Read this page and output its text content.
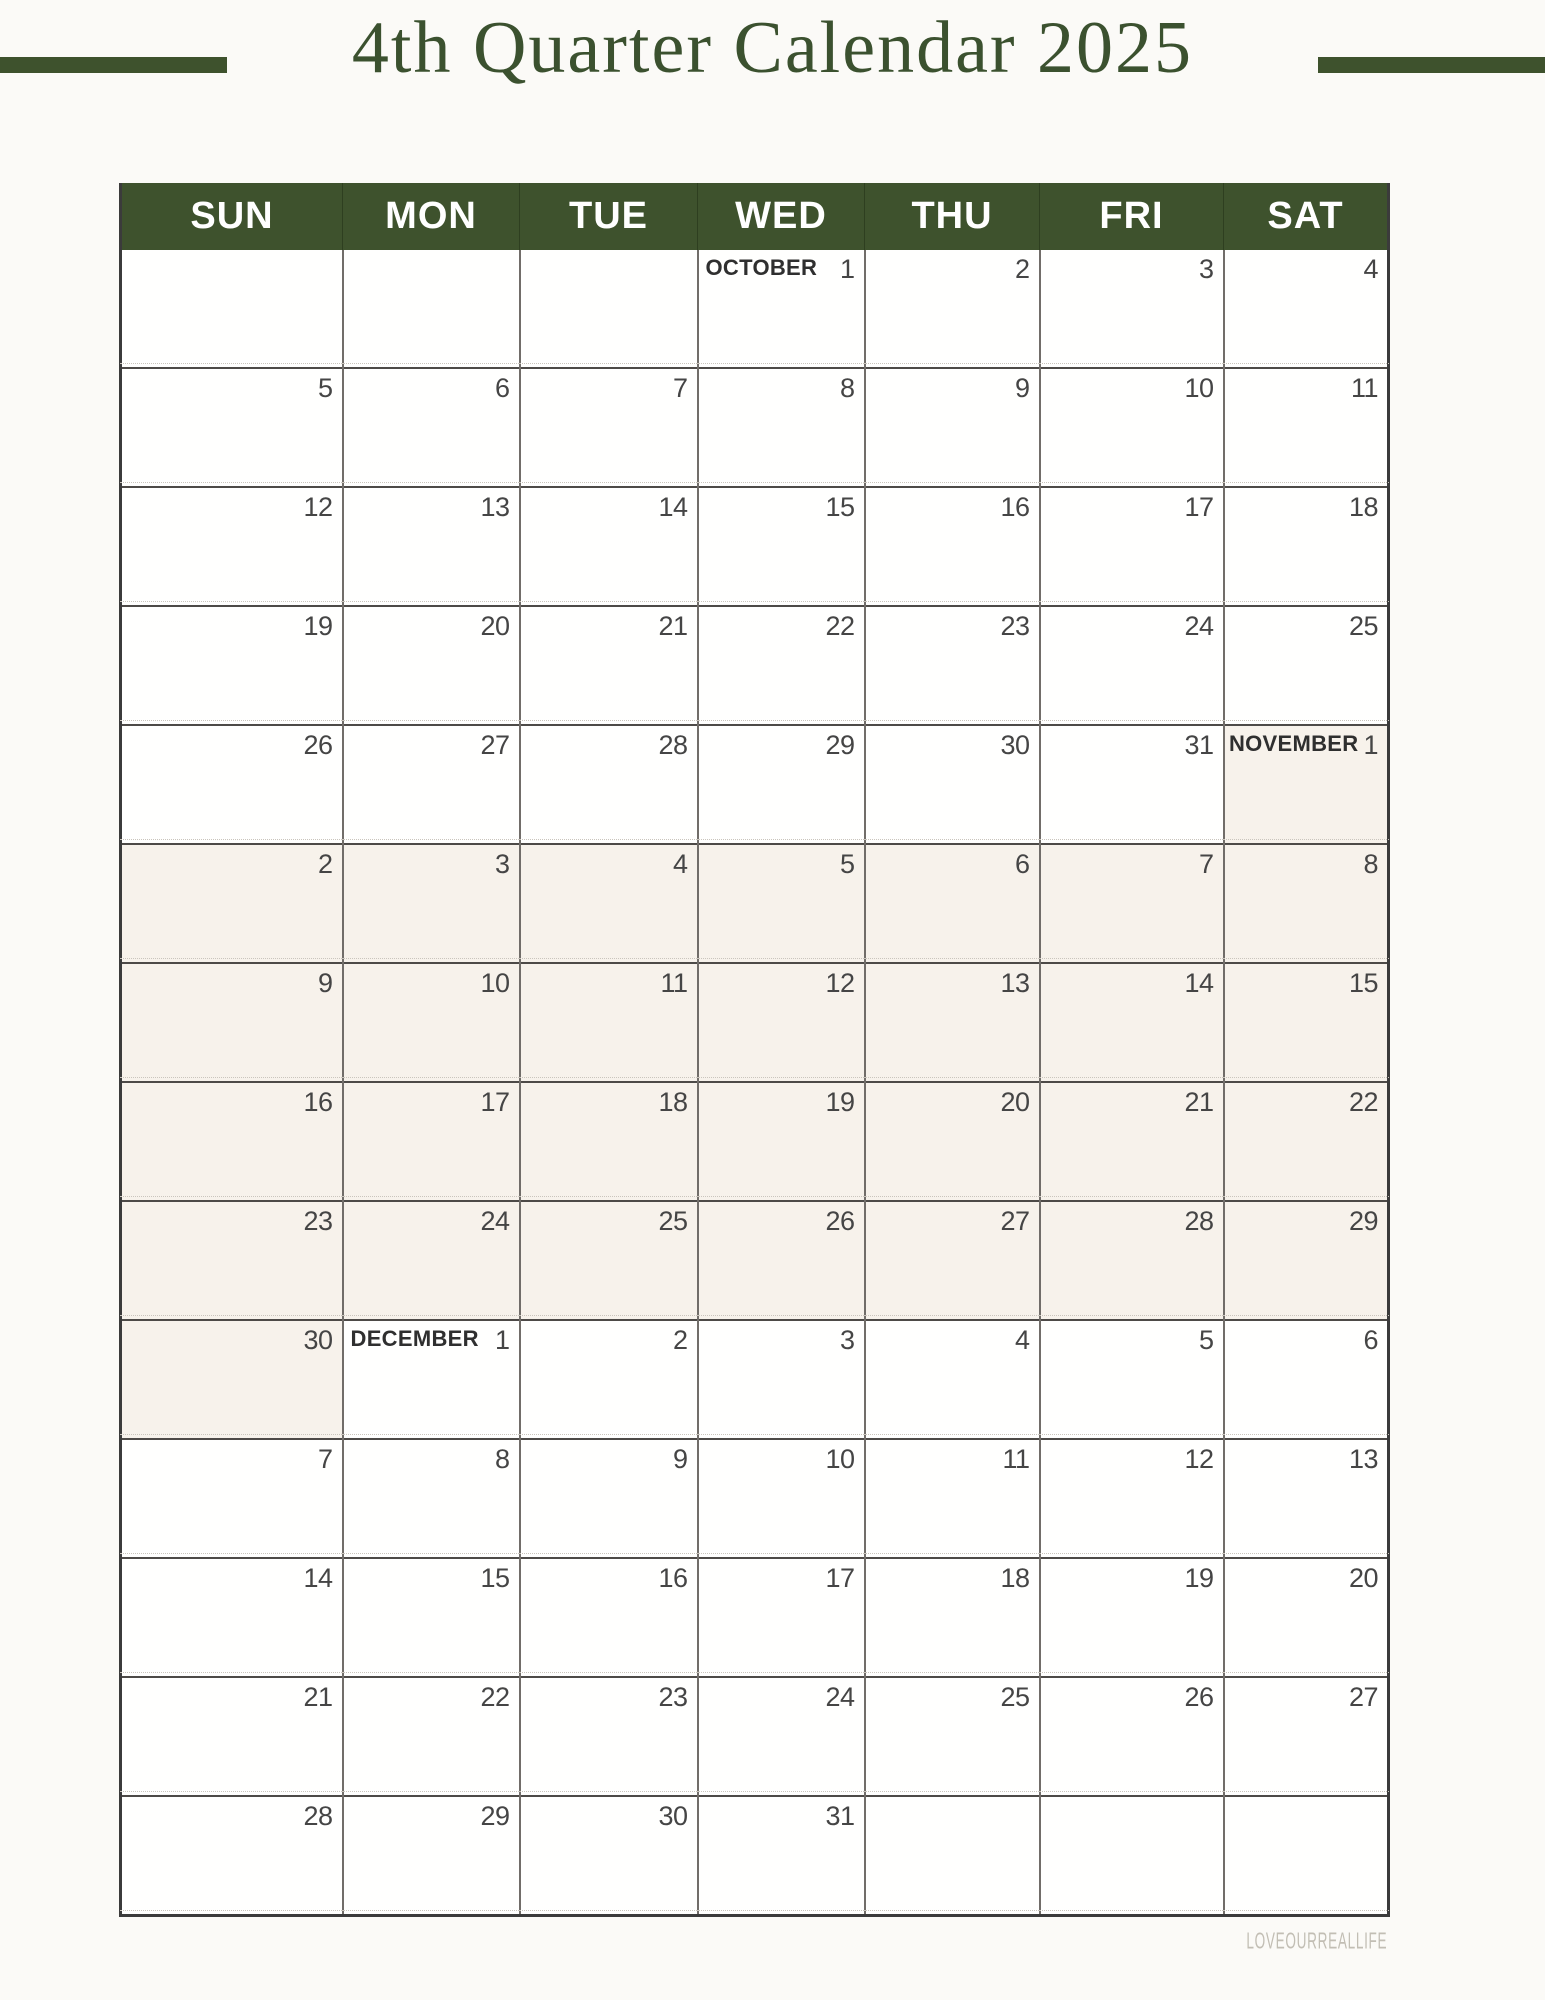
4th Quarter Calendar 2025
SUN	MON	TUE	WED	THU	FRI	SAT

			OCTOBER 1	2	3	4

5	6	7	8	9	10	11

12	13	14	15	16	17	18

19	20	21	22	23	24	25

26	27	28	29	30	31	NOVEMBER 1

2	3	4	5	6	7	8

9	10	11	12	13	14	15

16	17	18	19	20	21	22

23	24	25	26	27	28	29

30	DECEMBER 1	2	3	4	5	6

7	8	9	10	11	12	13

14	15	16	17	18	19	20

21	22	23	24	25	26	27

28	29	30	31			

LOVEOURREALLIFE
